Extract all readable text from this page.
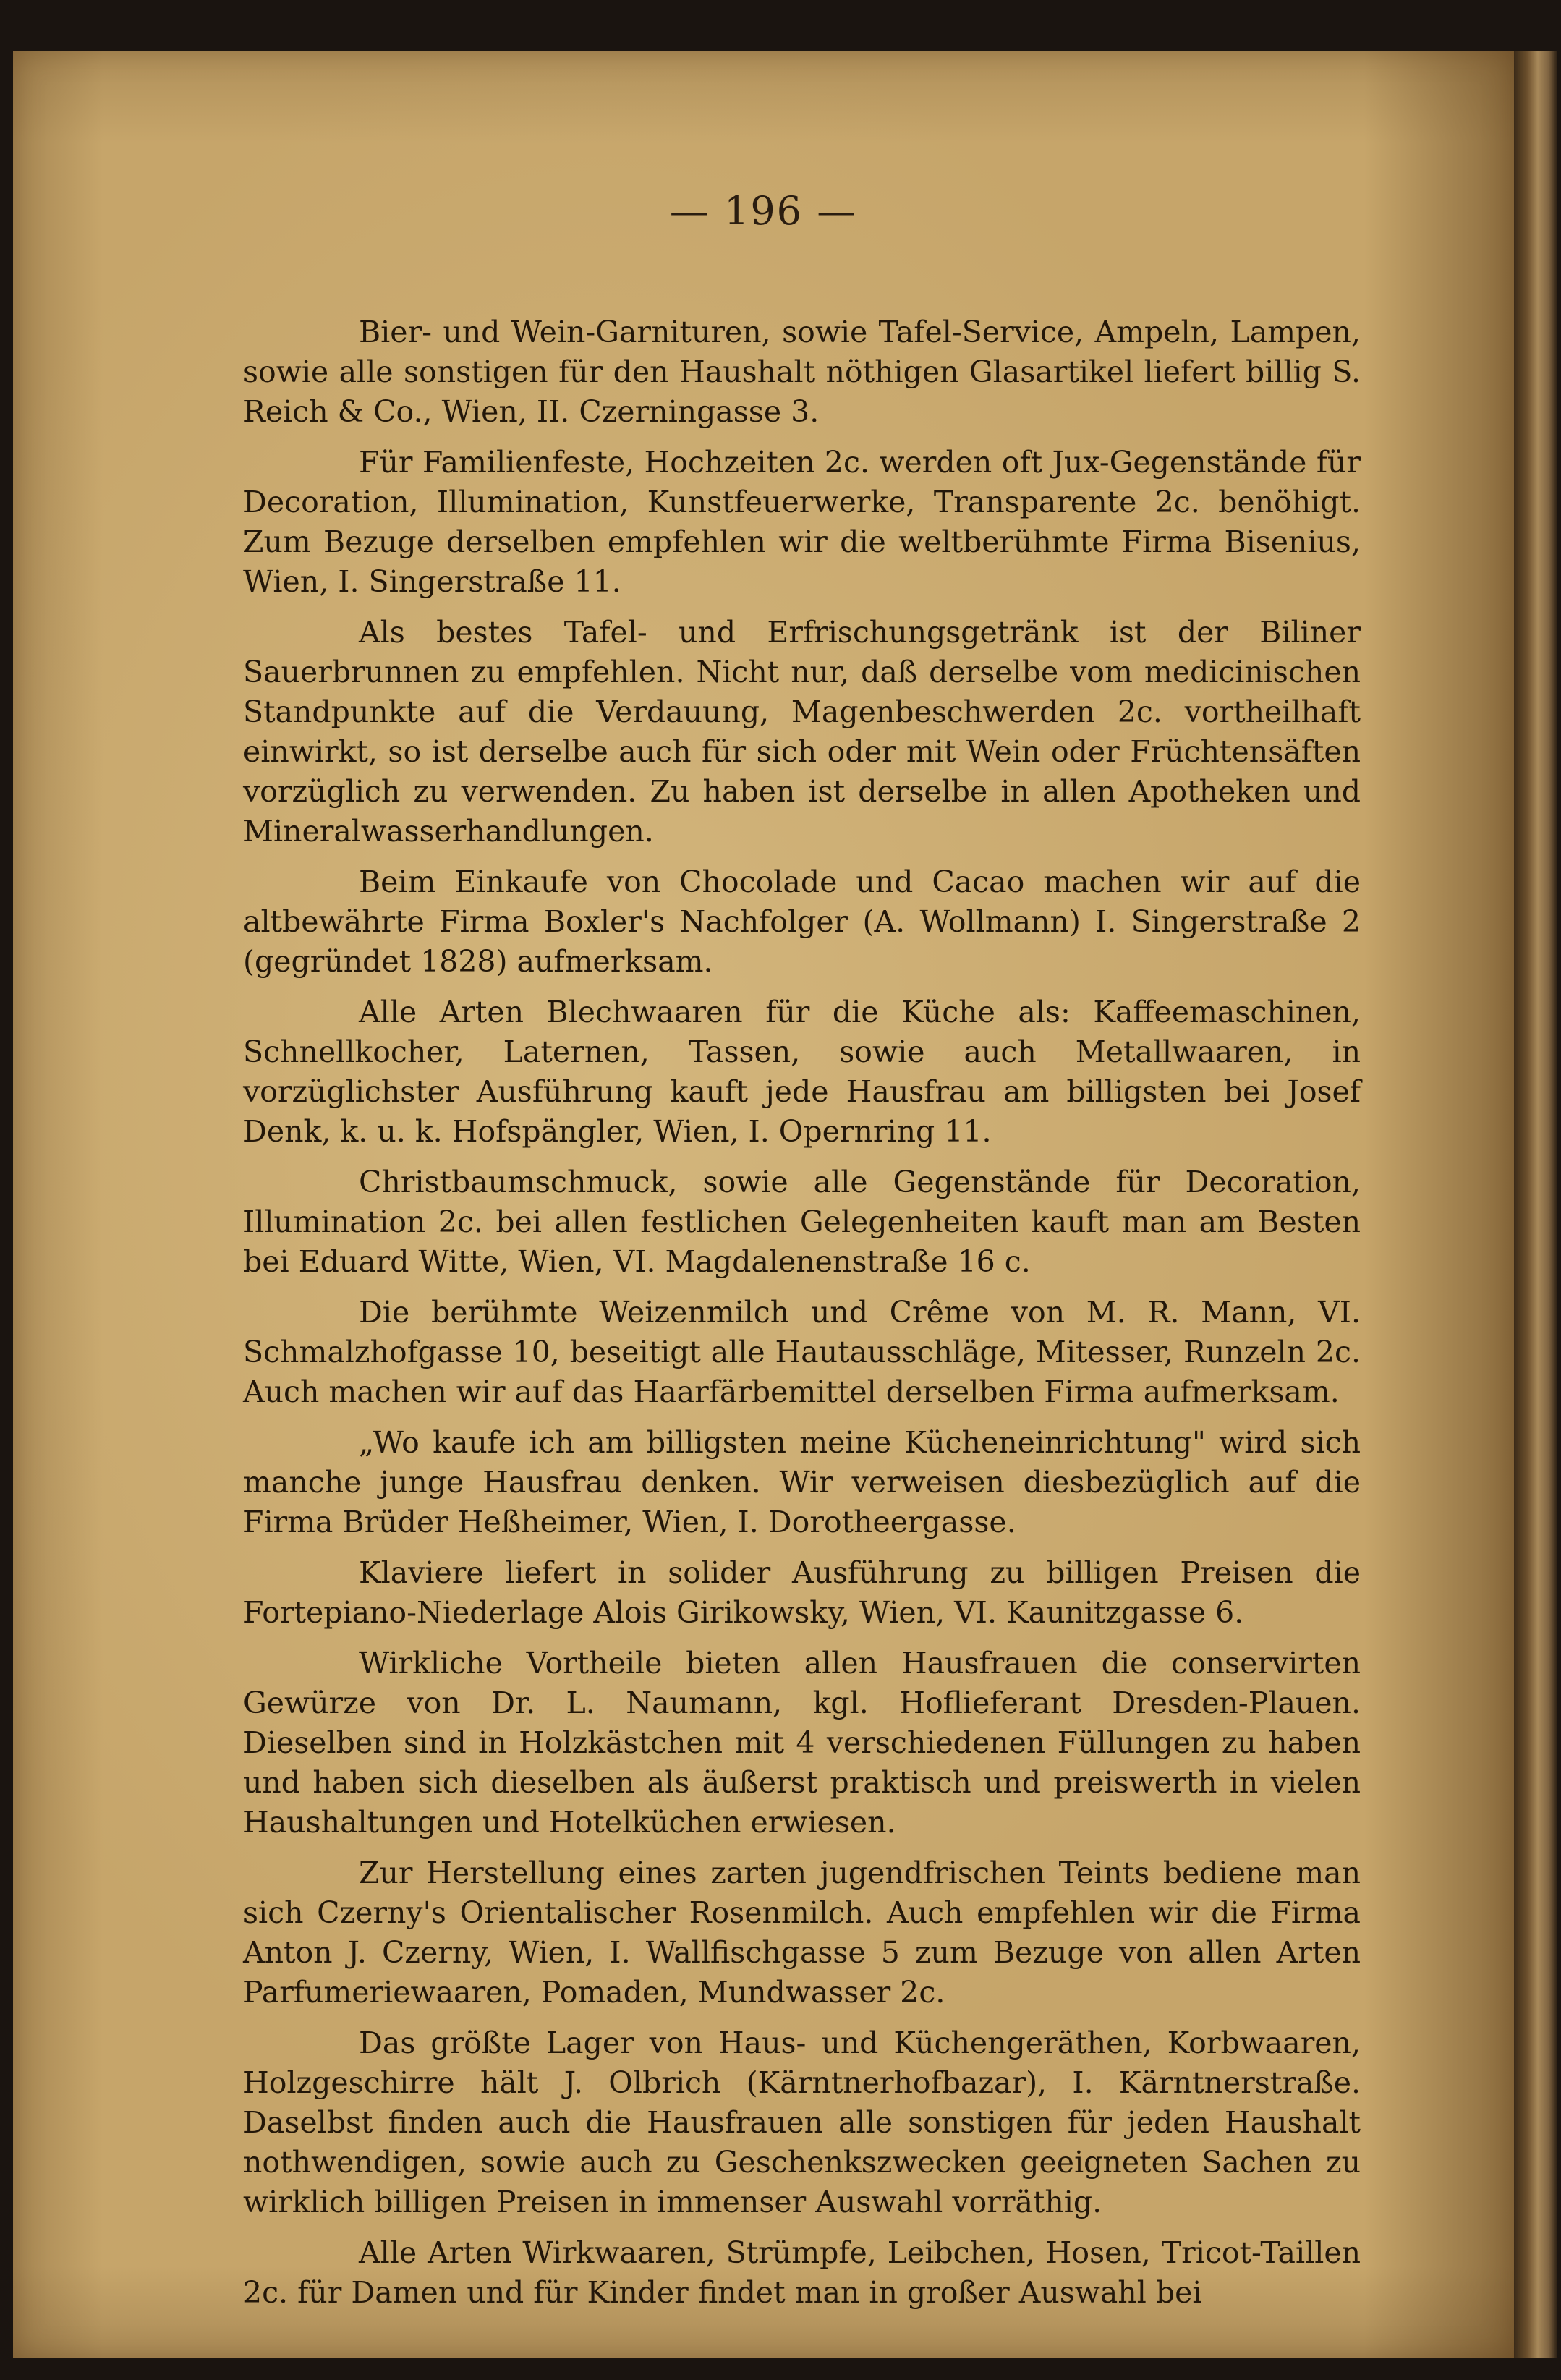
— 196 —

Bier- und Wein-Garnituren, sowie Tafel-Service, Ampeln, Lampen, sowie alle sonstigen für den Haushalt nöthigen Glasartikel liefert billig S. Reich & Co., Wien, II. Czerningasse 3.

Für Familienfeste, Hochzeiten 2c. werden oft Jux-Gegenstände für Decoration, Illumination, Kunstfeuerwerke, Transparente 2c. benöhigt. Zum Bezuge derselben empfehlen wir die weltberühmte Firma Bisenius, Wien, I. Singerstraße 11.

Als bestes Tafel- und Erfrischungsgetränk ist der Biliner Sauerbrunnen zu empfehlen. Nicht nur, daß derselbe vom medicinischen Standpunkte auf die Verdauung, Magenbeschwerden 2c. vortheilhaft einwirkt, so ist derselbe auch für sich oder mit Wein oder Früchtensäften vorzüglich zu verwenden. Zu haben ist derselbe in allen Apotheken und Mineralwasserhandlungen.

Beim Einkaufe von Chocolade und Cacao machen wir auf die altbewährte Firma Boxler's Nachfolger (A. Wollmann) I. Singerstraße 2 (gegründet 1828) aufmerksam.

Alle Arten Blechwaaren für die Küche als: Kaffeemaschinen, Schnellkocher, Laternen, Tassen, sowie auch Metallwaaren, in vorzüglichster Ausführung kauft jede Hausfrau am billigsten bei Josef Denk, k. u. k. Hofspängler, Wien, I. Opernring 11.

Christbaumschmuck, sowie alle Gegenstände für Decoration, Illumination 2c. bei allen festlichen Gelegenheiten kauft man am Besten bei Eduard Witte, Wien, VI. Magdalenenstraße 16 c.

Die berühmte Weizenmilch und Crême von M. R. Mann, VI. Schmalzhofgasse 10, beseitigt alle Hautausschläge, Mitesser, Runzeln 2c. Auch machen wir auf das Haarfärbemittel derselben Firma aufmerksam.

„Wo kaufe ich am billigsten meine Kücheneinrichtung" wird sich manche junge Hausfrau denken. Wir verweisen diesbezüglich auf die Firma Brüder Heßheimer, Wien, I. Dorotheergasse.

Klaviere liefert in solider Ausführung zu billigen Preisen die Fortepiano-Niederlage Alois Girikowsky, Wien, VI. Kaunitzgasse 6.

Wirkliche Vortheile bieten allen Hausfrauen die conservirten Gewürze von Dr. L. Naumann, kgl. Hoflieferant Dresden-Plauen. Dieselben sind in Holzkästchen mit 4 verschiedenen Füllungen zu haben und haben sich dieselben als äußerst praktisch und preiswerth in vielen Haushaltungen und Hotelküchen erwiesen.

Zur Herstellung eines zarten jugendfrischen Teints bediene man sich Czerny's Orientalischer Rosenmilch. Auch empfehlen wir die Firma Anton J. Czerny, Wien, I. Wallfischgasse 5 zum Bezuge von allen Arten Parfumeriewaaren, Pomaden, Mundwasser 2c.

Das größte Lager von Haus- und Küchengeräthen, Korbwaaren, Holzgeschirre hält J. Olbrich (Kärntnerhofbazar), I. Kärntnerstraße. Daselbst finden auch die Hausfrauen alle sonstigen für jeden Haushalt nothwendigen, sowie auch zu Geschenkszwecken geeigneten Sachen zu wirklich billigen Preisen in immenser Auswahl vorräthig.

Alle Arten Wirkwaaren, Strümpfe, Leibchen, Hosen, Tricot-Taillen 2c. für Damen und für Kinder findet man in großer Auswahl bei
